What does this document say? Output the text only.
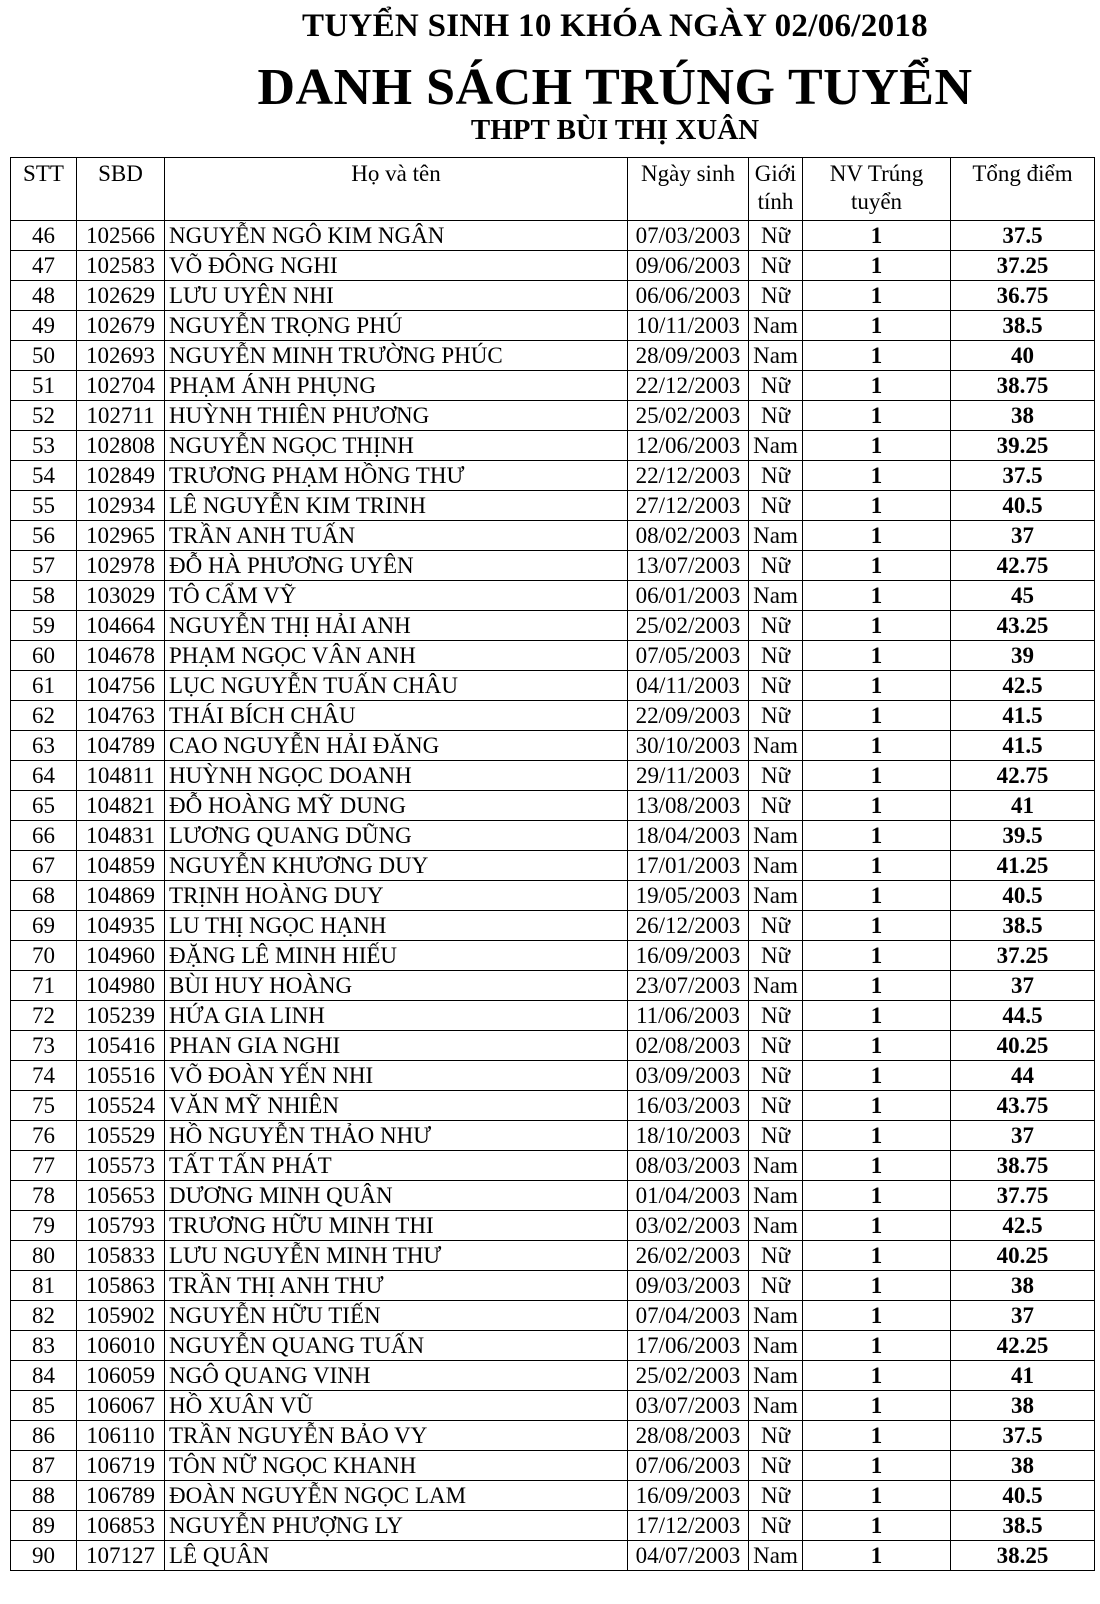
TUYỂN SINH 10 KHÓA NGÀY 02/06/2018
DANH SÁCH TRÚNG TUYỂN
THPT BÙI THỊ XUÂN
STT	SBD	Họ và tên	Ngày sinh	Giới tính	NV Trúng tuyển	Tổng điểm
46	102566	NGUYỄN NGÔ KIM NGÂN	07/03/2003	Nữ	1	37.5
47	102583	VÕ ĐÔNG NGHI	09/06/2003	Nữ	1	37.25
48	102629	LƯU UYÊN NHI	06/06/2003	Nữ	1	36.75
49	102679	NGUYỄN TRỌNG PHÚ	10/11/2003	Nam	1	38.5
50	102693	NGUYỄN MINH TRƯỜNG PHÚC	28/09/2003	Nam	1	40
51	102704	PHẠM ÁNH PHỤNG	22/12/2003	Nữ	1	38.75
52	102711	HUỲNH THIÊN PHƯƠNG	25/02/2003	Nữ	1	38
53	102808	NGUYỄN NGỌC THỊNH	12/06/2003	Nam	1	39.25
54	102849	TRƯƠNG PHẠM HỒNG THƯ	22/12/2003	Nữ	1	37.5
55	102934	LÊ NGUYỄN KIM TRINH	27/12/2003	Nữ	1	40.5
56	102965	TRẦN ANH TUẤN	08/02/2003	Nam	1	37
57	102978	ĐỖ HÀ PHƯƠNG UYÊN	13/07/2003	Nữ	1	42.75
58	103029	TÔ CẨM VỸ	06/01/2003	Nam	1	45
59	104664	NGUYỄN THỊ HẢI ANH	25/02/2003	Nữ	1	43.25
60	104678	PHẠM NGỌC VÂN ANH	07/05/2003	Nữ	1	39
61	104756	LỤC NGUYỄN TUẤN CHÂU	04/11/2003	Nữ	1	42.5
62	104763	THÁI BÍCH CHÂU	22/09/2003	Nữ	1	41.5
63	104789	CAO NGUYỄN HẢI ĐĂNG	30/10/2003	Nam	1	41.5
64	104811	HUỲNH NGỌC DOANH	29/11/2003	Nữ	1	42.75
65	104821	ĐỖ HOÀNG MỸ DUNG	13/08/2003	Nữ	1	41
66	104831	LƯƠNG QUANG DŨNG	18/04/2003	Nam	1	39.5
67	104859	NGUYỄN KHƯƠNG DUY	17/01/2003	Nam	1	41.25
68	104869	TRỊNH HOÀNG DUY	19/05/2003	Nam	1	40.5
69	104935	LU THỊ NGỌC HẠNH	26/12/2003	Nữ	1	38.5
70	104960	ĐẶNG LÊ MINH HIẾU	16/09/2003	Nữ	1	37.25
71	104980	BÙI HUY HOÀNG	23/07/2003	Nam	1	37
72	105239	HỨA GIA LINH	11/06/2003	Nữ	1	44.5
73	105416	PHAN GIA NGHI	02/08/2003	Nữ	1	40.25
74	105516	VÕ ĐOÀN YẾN NHI	03/09/2003	Nữ	1	44
75	105524	VĂN MỸ NHIÊN	16/03/2003	Nữ	1	43.75
76	105529	HỒ NGUYỄN THẢO NHƯ	18/10/2003	Nữ	1	37
77	105573	TẤT TẤN PHÁT	08/03/2003	Nam	1	38.75
78	105653	DƯƠNG MINH QUÂN	01/04/2003	Nam	1	37.75
79	105793	TRƯƠNG HỮU MINH THI	03/02/2003	Nam	1	42.5
80	105833	LƯU NGUYỄN MINH THƯ	26/02/2003	Nữ	1	40.25
81	105863	TRẦN THỊ ANH THƯ	09/03/2003	Nữ	1	38
82	105902	NGUYỄN HỮU TIẾN	07/04/2003	Nam	1	37
83	106010	NGUYỄN QUANG TUẤN	17/06/2003	Nam	1	42.25
84	106059	NGÔ QUANG VINH	25/02/2003	Nam	1	41
85	106067	HỒ XUÂN VŨ	03/07/2003	Nam	1	38
86	106110	TRẦN NGUYỄN BẢO VY	28/08/2003	Nữ	1	37.5
87	106719	TÔN NỮ NGỌC KHANH	07/06/2003	Nữ	1	38
88	106789	ĐOÀN NGUYỄN NGỌC LAM	16/09/2003	Nữ	1	40.5
89	106853	NGUYỄN PHƯỢNG LY	17/12/2003	Nữ	1	38.5
90	107127	LÊ QUÂN	04/07/2003	Nam	1	38.25
